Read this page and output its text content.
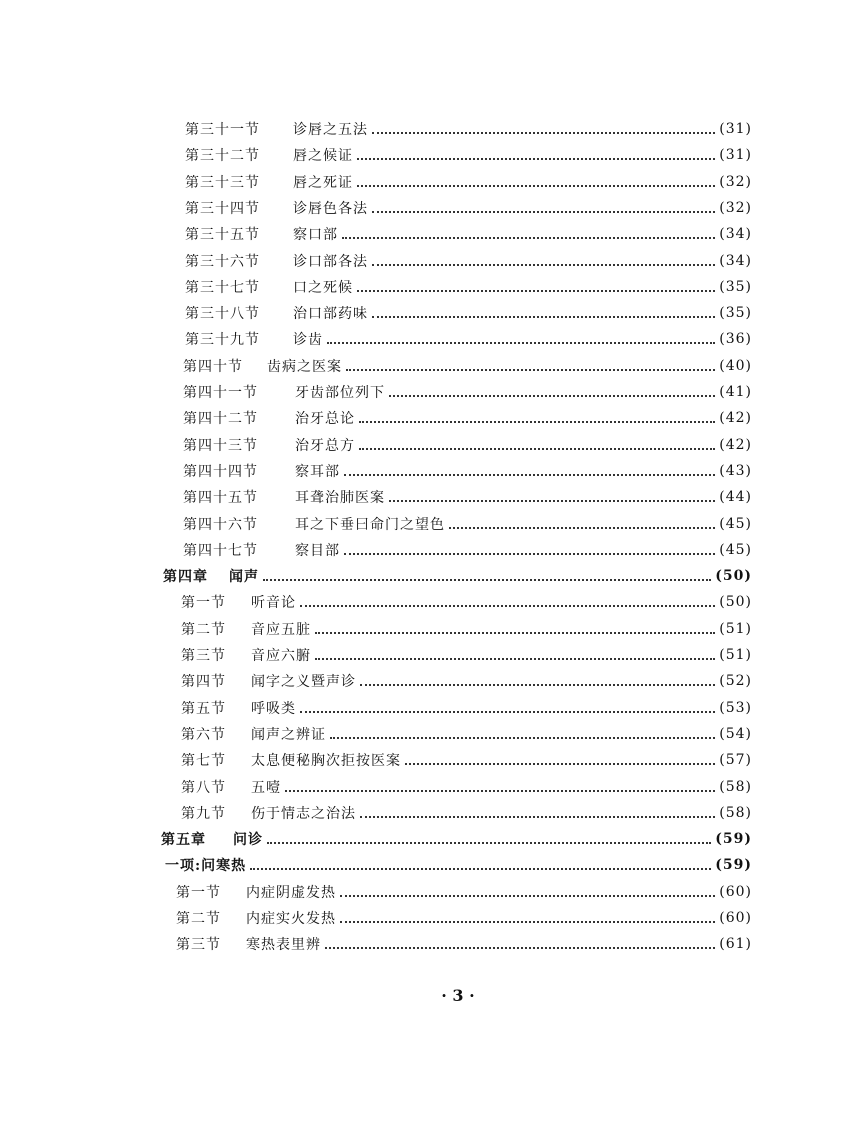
第三十一节	诊唇之五法	(31)
第三十二节	唇之候证	(31)
第三十三节	唇之死证	(32)
第三十四节	诊唇色各法	(32)
第三十五节	察口部	(34)
第三十六节	诊口部各法	(34)
第三十七节	口之死候	(35)
第三十八节	治口部药味	(35)
第三十九节	诊齿	(36)
第四十节	齿病之医案	(40)
第四十一节	牙齿部位列下	(41)
第四十二节	治牙总论	(42)
第四十三节	治牙总方	(42)
第四十四节	察耳部	(43)
第四十五节	耳聋治肺医案	(44)
第四十六节	耳之下垂曰命门之望色	(45)
第四十七节	察目部	(45)
第四章	闻声	(50)
第一节	听音论	(50)
第二节	音应五脏	(51)
第三节	音应六腑	(51)
第四节	闻字之义暨声诊	(52)
第五节	呼吸类	(53)
第六节	闻声之辨证	(54)
第七节	太息便秘胸次拒按医案	(57)
第八节	五噎	(58)
第九节	伤于情志之治法	(58)
第五章	问诊	(59)
一项: 问寒热	(59)
第一节	内症阴虚发热	(60)
第二节	内症实火发热	(60)
第三节	寒热表里辨	(61)
· 3 ·
